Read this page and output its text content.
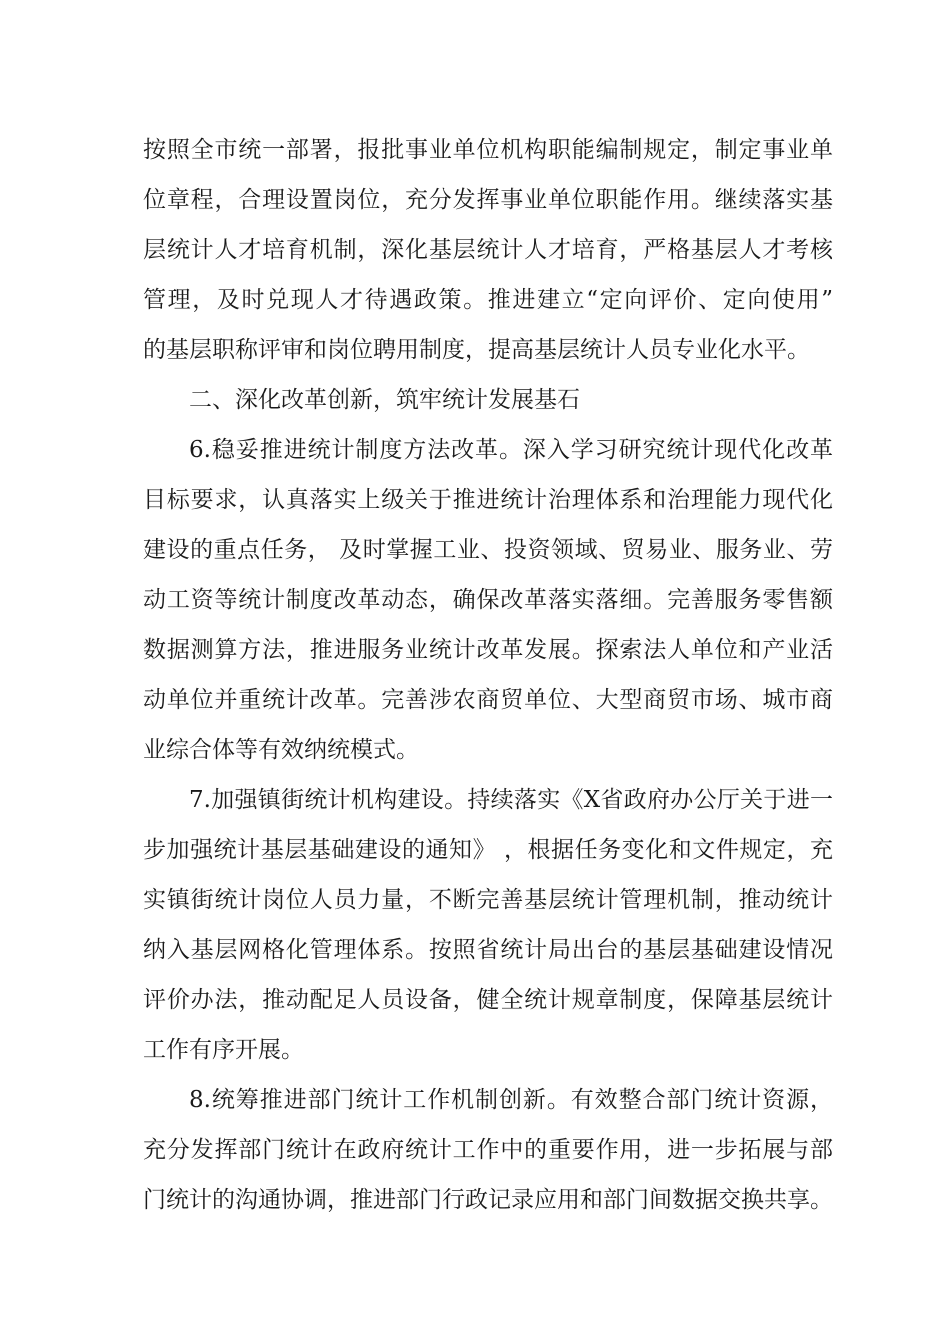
按照全市统一部署，报批事业单位机构职能编制规定，制定事业单
位章程，合理设置岗位，充分发挥事业单位职能作用。继续落实基
层统计人才培育机制，深化基层统计人才培育，严格基层人才考核
管理，及时兑现人才待遇政策。推进建立“定向评价、定向使用”
的基层职称评审和岗位聘用制度，提高基层统计人员专业化水平。
二、深化改革创新，筑牢统计发展基石
6.稳妥推进统计制度方法改革。深入学习研究统计现代化改革
目标要求，认真落实上级关于推进统计治理体系和治理能力现代化
建设的重点任务， 及时掌握工业、投资领域、贸易业、服务业、劳
动工资等统计制度改革动态，确保改革落实落细。完善服务零售额
数据测算方法，推进服务业统计改革发展。探索法人单位和产业活
动单位并重统计改革。完善涉农商贸单位、大型商贸市场、城市商
业综合体等有效纳统模式。
7.加强镇街统计机构建设。持续落实《X省政府办公厅关于进一
步加强统计基层基础建设的通知》 ，根据任务变化和文件规定，充
实镇街统计岗位人员力量，不断完善基层统计管理机制，推动统计
纳入基层网格化管理体系。按照省统计局出台的基层基础建设情况
评价办法，推动配足人员设备，健全统计规章制度，保障基层统计
工作有序开展。
8.统筹推进部门统计工作机制创新。有效整合部门统计资源，
充分发挥部门统计在政府统计工作中的重要作用，进一步拓展与部
门统计的沟通协调，推进部门行政记录应用和部门间数据交换共享。
